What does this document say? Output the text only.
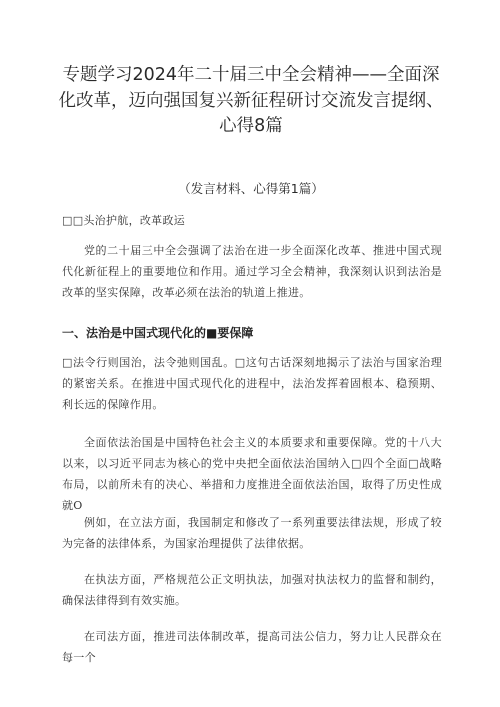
专题学习2024年二十届三中全会精神——全面深化改革，迈向强国复兴新征程研讨交流发言提纲、心得8篇

（发言材料、心得第1篇）

□□头治护航，改革政运

党的二十届三中全会强调了法治在进一步全面深化改革、推进中国式现代化新征程上的重要地位和作用。通过学习全会精神，我深刻认识到法治是改革的坚实保障，改革必须在法治的轨道上推进。

一、法治是中国式现代化的■要保障

□法令行则国治，法令弛则国乱。□这句古话深刻地揭示了法治与国家治理的紧密关系。在推进中国式现代化的进程中，法治发挥着固根本、稳预期、利长远的保障作用。

全面依法治国是中国特色社会主义的本质要求和重要保障。党的十八大以来，以习近平同志为核心的党中央把全面依法治国纳入□四个全面□战略布局，以前所未有的决心、举措和力度推进全面依法治国，取得了历史性成就O

例如，在立法方面，我国制定和修改了一系列重要法律法规，形成了较为完备的法律体系，为国家治理提供了法律依据。

在执法方面，严格规范公正文明执法，加强对执法权力的监督和制约，确保法律得到有效实施。

在司法方面，推进司法体制改革，提高司法公信力，努力让人民群众在每一个
